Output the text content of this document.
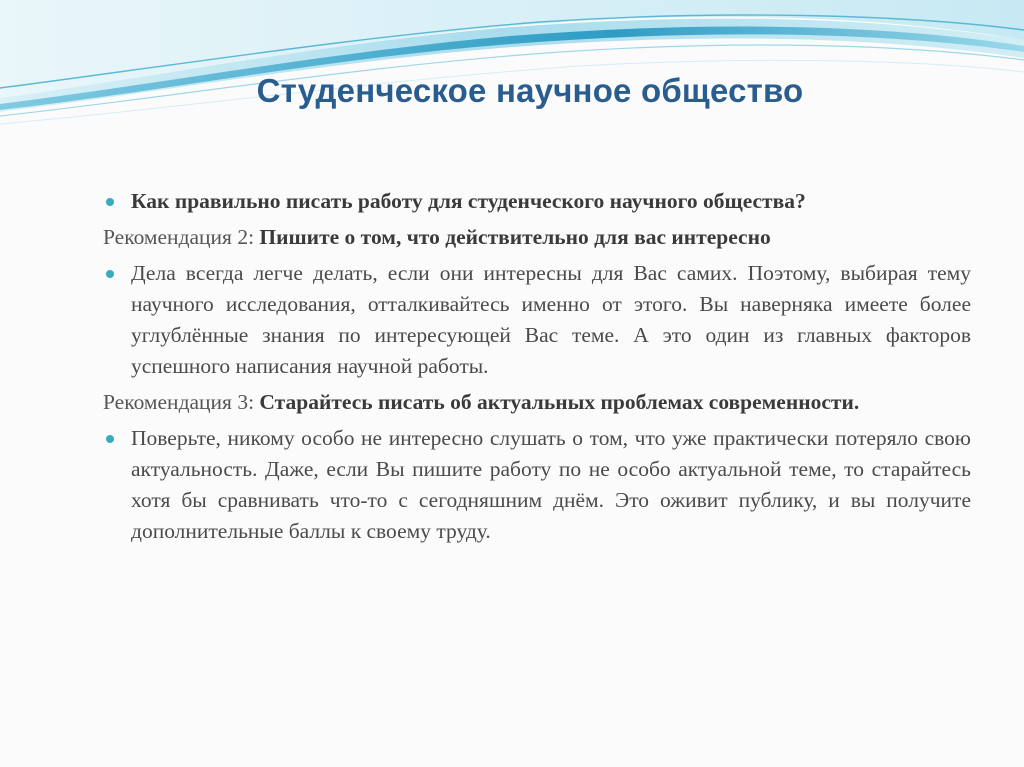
Студенческое научное общество
Как правильно писать работу для студенческого научного общества?
Рекомендация 2: Пишите о том, что действительно для вас интересно
Дела всегда легче делать, если они интересны для Вас самих. Поэтому, выбирая тему научного исследования, отталкивайтесь именно от этого. Вы наверняка имеете более углублённые знания по интересующей Вас теме. А это один из главных факторов успешного написания научной работы.
Рекомендация 3: Старайтесь писать об актуальных проблемах современности.
Поверьте, никому особо не интересно слушать о том, что уже практически потеряло свою актуальность. Даже, если Вы пишите работу по не особо актуальной теме, то старайтесь хотя бы сравнивать что-то с сегодняшним днём. Это оживит публику, и вы получите дополнительные баллы к своему труду.
